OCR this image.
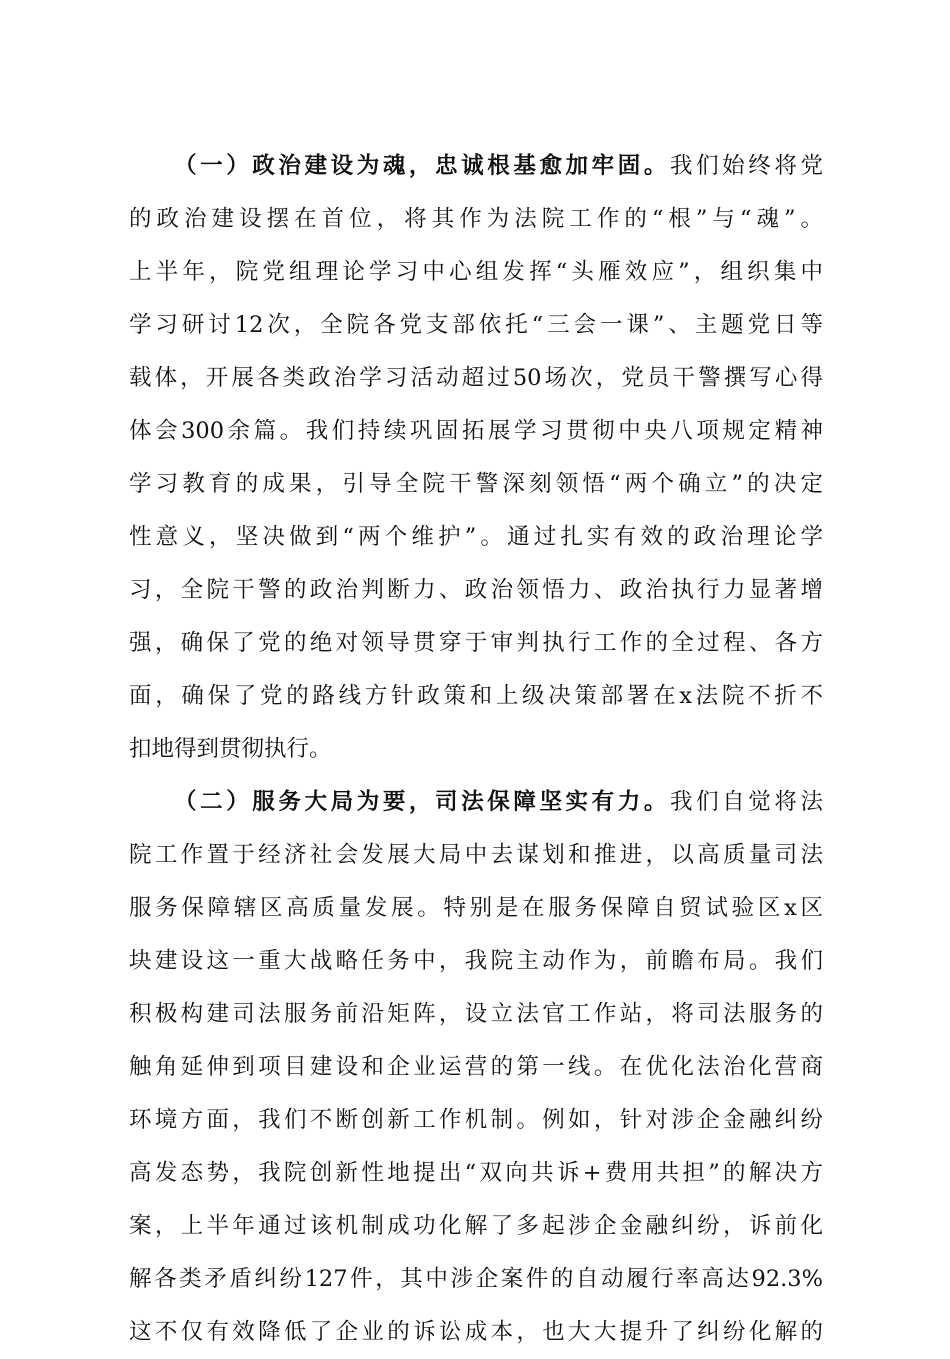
（一）政治建设为魂，忠诚根基愈加牢固。我们始终将党
的政治建设摆在首位，将其作为法院工作的“根”与“魂”。
上半年，院党组理论学习中心组发挥“头雁效应”，组织集中
学习研讨12次，全院各党支部依托“三会一课”、主题党日等
载体，开展各类政治学习活动超过50场次，党员干警撰写心得
体会300余篇。我们持续巩固拓展学习贯彻中央八项规定精神
学习教育的成果，引导全院干警深刻领悟“两个确立”的决定
性意义，坚决做到“两个维护”。通过扎实有效的政治理论学
习，全院干警的政治判断力、政治领悟力、政治执行力显著增
强，确保了党的绝对领导贯穿于审判执行工作的全过程、各方
面，确保了党的路线方针政策和上级决策部署在x法院不折不
扣地得到贯彻执行。
（二）服务大局为要，司法保障坚实有力。我们自觉将法
院工作置于经济社会发展大局中去谋划和推进，以高质量司法
服务保障辖区高质量发展。特别是在服务保障自贸试验区x区
块建设这一重大战略任务中，我院主动作为，前瞻布局。我们
积极构建司法服务前沿矩阵，设立法官工作站，将司法服务的
触角延伸到项目建设和企业运营的第一线。在优化法治化营商
环境方面，我们不断创新工作机制。例如，针对涉企金融纠纷
高发态势，我院创新性地提出“双向共诉+费用共担”的解决方
案，上半年通过该机制成功化解了多起涉企金融纠纷，诉前化
解各类矛盾纠纷127件，其中涉企案件的自动履行率高达92.3%
这不仅有效降低了企业的诉讼成本，也大大提升了纠纷化解的
